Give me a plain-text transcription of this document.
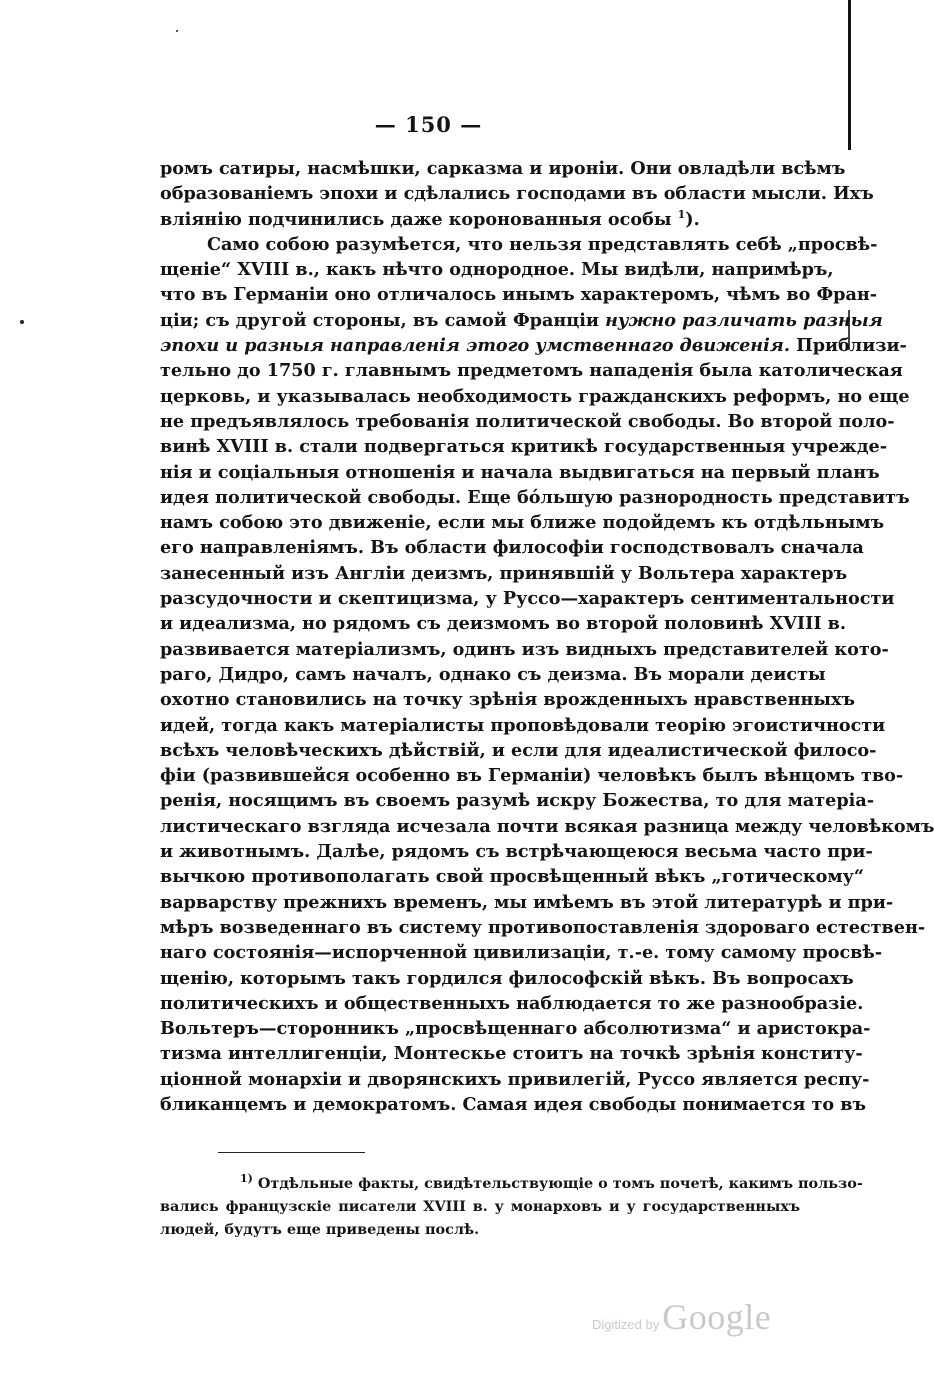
— 150 —
ромъ сатиры, насмѣшки, сарказма и ироніи. Они овладѣли всѣмъ
образованіемъ эпохи и сдѣлались господами въ области мысли. Ихъ
вліянію подчинились даже коронованныя особы $^1$).
Само собою разумѣется, что нельзя представлять себѣ „просвѣ-
щеніе“ XVIII в., какъ нѣчто однородное. Мы видѣли, напримѣръ,
что въ Германіи оно отличалось инымъ характеромъ, чѣмъ во Фран-
ціи; съ другой стороны, въ самой Франціи нужно различать разныя
эпохи и разныя направленія этого умственнаго движенія. Приблизи-
тельно до 1750 г. главнымъ предметомъ нападенія была католическая
церковь, и указывалась необходимость гражданскихъ реформъ, но еще
не предъявлялось требованія политической свободы. Во второй поло-
винѣ XVIII в. стали подвергаться критикѣ государственныя учрежде-
нія и соціальныя отношенія и начала выдвигаться на первый планъ
идея политической свободы. Еще бо́льшую разнородность представитъ
намъ собою это движеніе, если мы ближе подойдемъ къ отдѣльнымъ
его направленіямъ. Въ области философіи господствовалъ сначала
занесенный изъ Англіи деизмъ, принявшій у Вольтера характеръ
разсудочности и скептицизма, у Руссо—характеръ сентиментальности
и идеализма, но рядомъ съ деизмомъ во второй половинѣ XVIII в.
развивается матеріализмъ, одинъ изъ видныхъ представителей кото-
раго, Дидро, самъ началъ, однако съ деизма. Въ морали деисты
охотно становились на точку зрѣнія врожденныхъ нравственныхъ
идей, тогда какъ матеріалисты проповѣдовали теорію эгоистичности
всѣхъ человѣческихъ дѣйствій, и если для идеалистической филосо-
фіи (развившейся особенно въ Германіи) человѣкъ былъ вѣнцомъ тво-
ренія, носящимъ въ своемъ разумѣ искру Божества, то для матеріа-
листическаго взгляда исчезала почти всякая разница между человѣкомъ
и животнымъ. Далѣе, рядомъ съ встрѣчающеюся весьма часто при-
вычкою противополагать свой просвѣщенный вѣкъ „готическому“
варварству прежнихъ временъ, мы имѣемъ въ этой литературѣ и при-
мѣръ возведеннаго въ систему противопоставленія здороваго естествен-
наго состоянія—испорченной цивилизаціи, т.-е. тому самому просвѣ-
щенію, которымъ такъ гордился философскій вѣкъ. Въ вопросахъ
политическихъ и общественныхъ наблюдается то же разнообразіе.
Вольтеръ—сторонникъ „просвѣщеннаго абсолютизма“ и аристокра-
тизма интеллигенціи, Монтескье стоитъ на точкѣ зрѣнія конститу-
ціонной монархіи и дворянскихъ привилегій, Руссо является респу-
бликанцемъ и демократомъ. Самая идея свободы понимается то въ
$^{1)}$ Отдѣльные факты, свидѣтельствующіе о томъ почетѣ, какимъ пользо-
вались французскіе писатели XVIII в. у монарховъ и у государственныхъ
людей, будутъ еще приведены послѣ.
Digitized byGoogle
